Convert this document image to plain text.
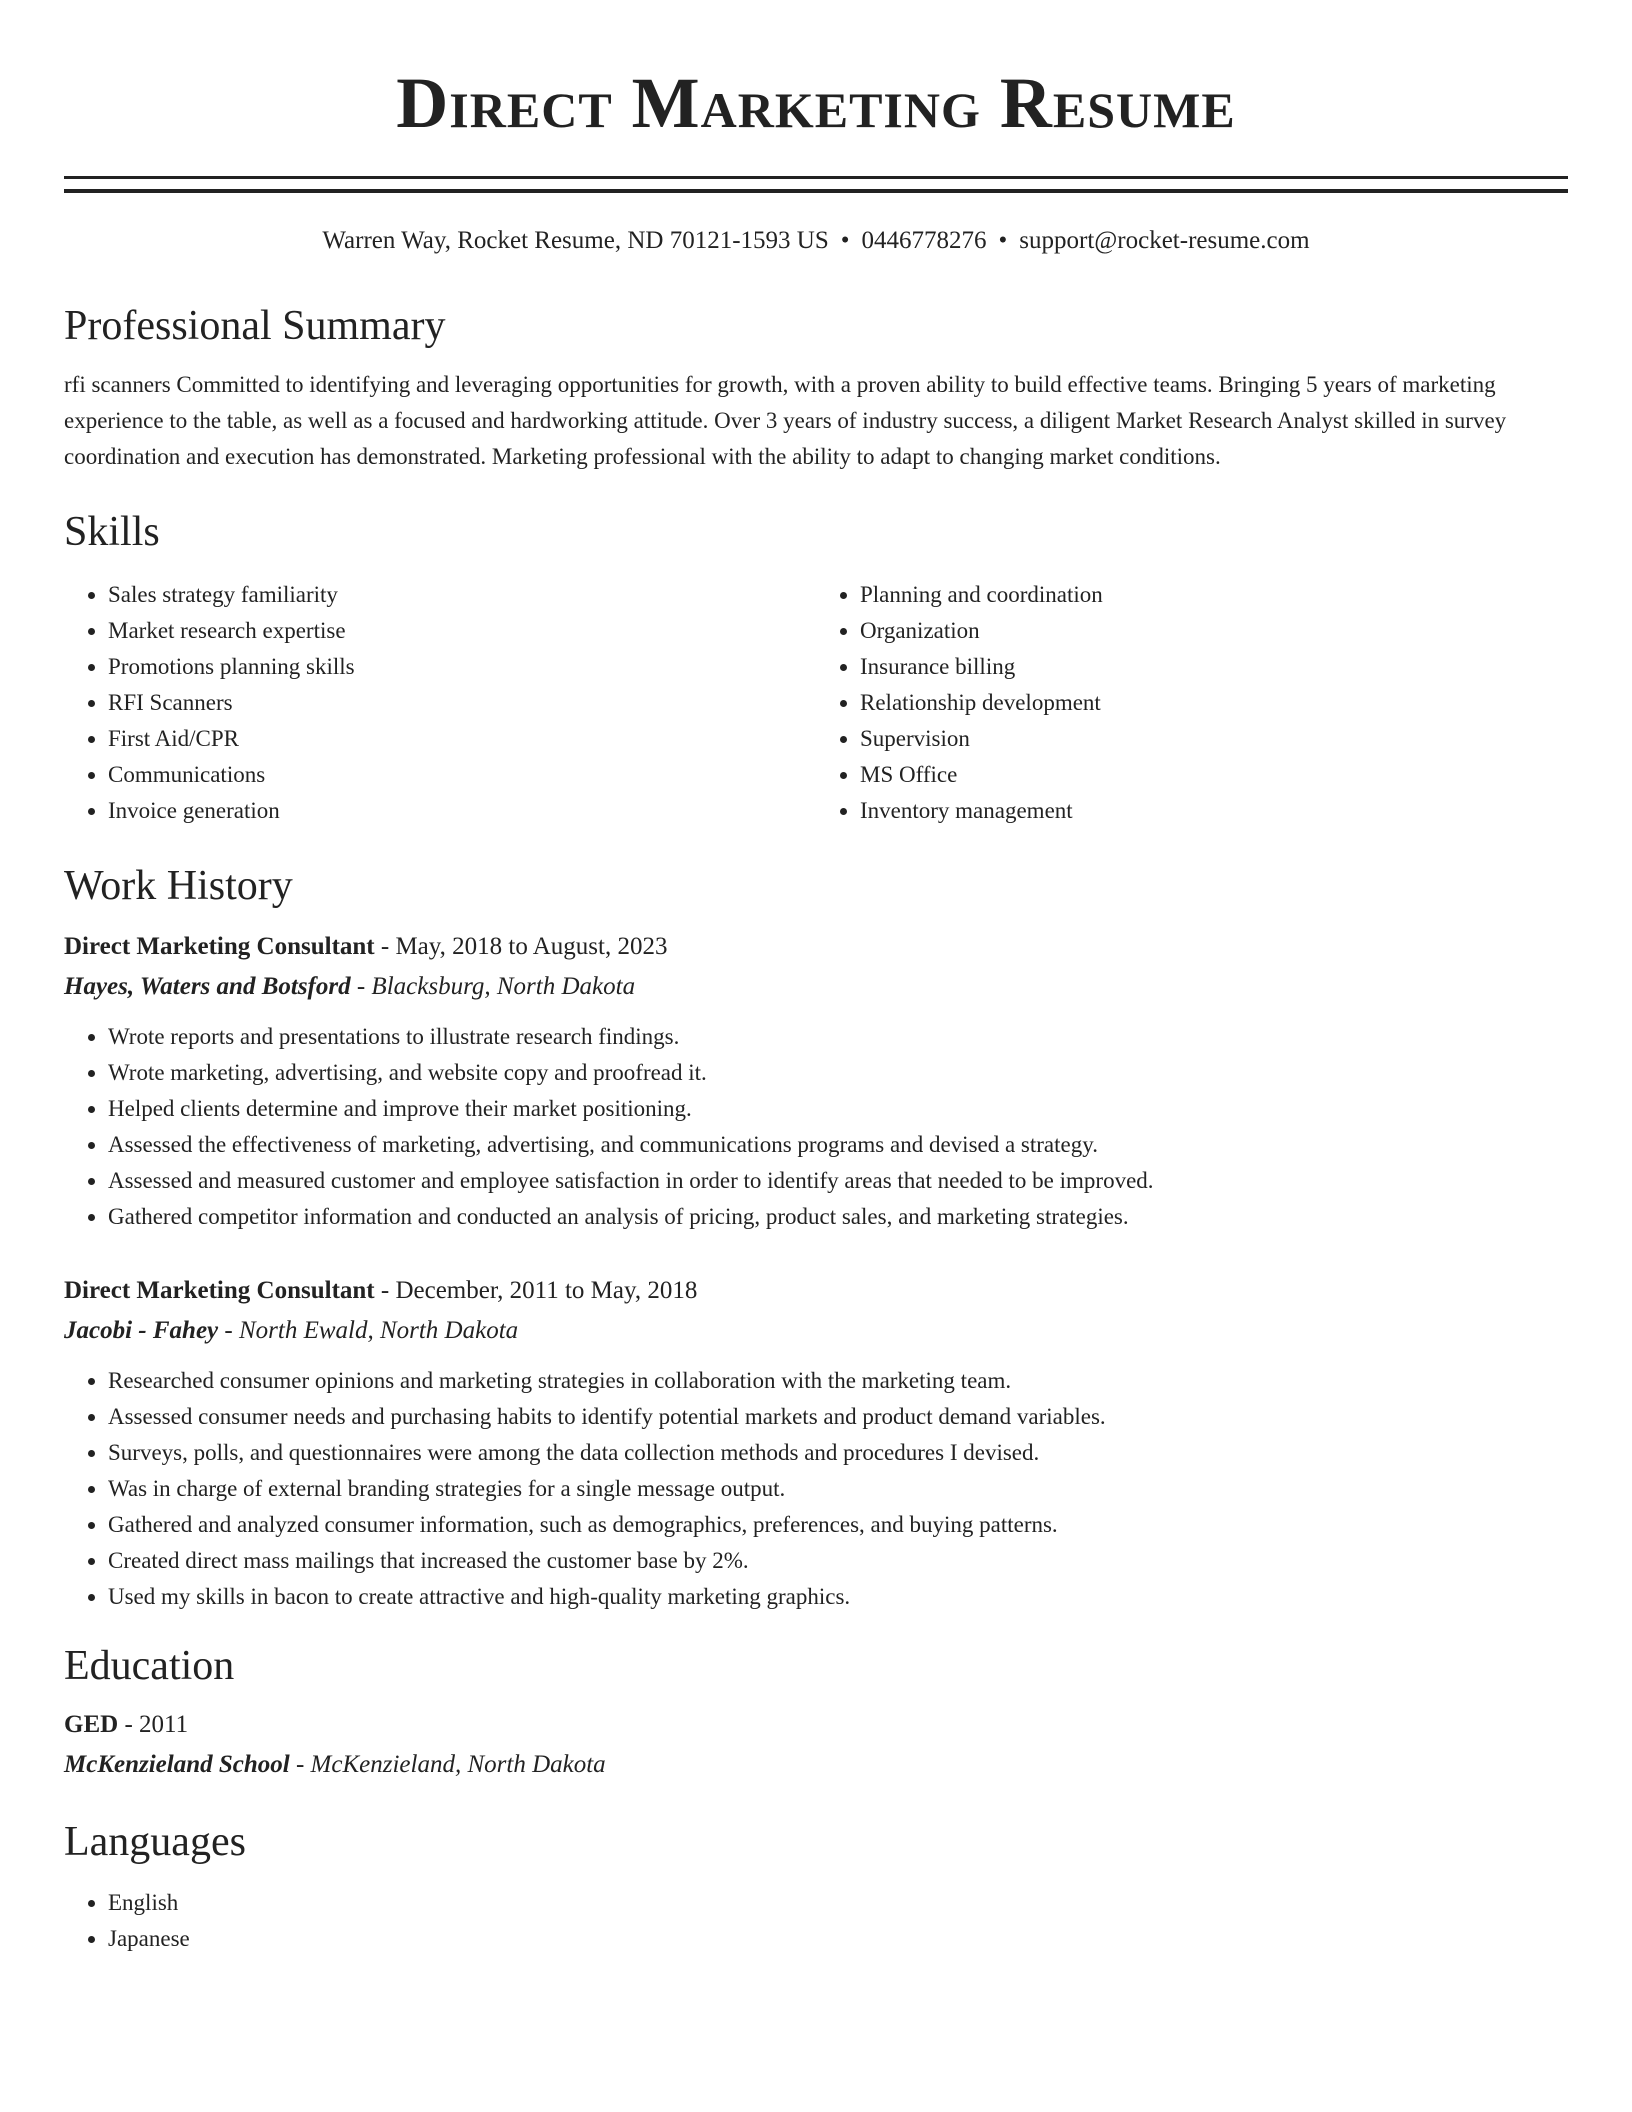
Direct Marketing Resume
Warren Way, Rocket Resume, ND 70121-1593 US • 0446778276 • support@rocket-resume.com
Professional Summary

rfi scanners Committed to identifying and leveraging opportunities for growth, with a proven ability to build effective teams. Bringing 5 years of marketing experience to the table, as well as a focused and hardworking attitude. Over 3 years of industry success, a diligent Market Research Analyst skilled in survey coordination and execution has demonstrated. Marketing professional with the ability to adapt to changing market conditions.

Skills
• Sales strategy familiarity
• Market research expertise
• Promotions planning skills
• RFI Scanners
• First Aid/CPR
• Communications
• Invoice generation
• Planning and coordination
• Organization
• Insurance billing
• Relationship development
• Supervision
• MS Office
• Inventory management
Work History
Direct Marketing Consultant - May, 2018 to August, 2023
Hayes, Waters and Botsford - Blacksburg, North Dakota
• Wrote reports and presentations to illustrate research findings.
• Wrote marketing, advertising, and website copy and proofread it.
• Helped clients determine and improve their market positioning.
• Assessed the effectiveness of marketing, advertising, and communications programs and devised a strategy.
• Assessed and measured customer and employee satisfaction in order to identify areas that needed to be improved.
• Gathered competitor information and conducted an analysis of pricing, product sales, and marketing strategies.
Direct Marketing Consultant - December, 2011 to May, 2018
Jacobi - Fahey - North Ewald, North Dakota
• Researched consumer opinions and marketing strategies in collaboration with the marketing team.
• Assessed consumer needs and purchasing habits to identify potential markets and product demand variables.
• Surveys, polls, and questionnaires were among the data collection methods and procedures I devised.
• Was in charge of external branding strategies for a single message output.
• Gathered and analyzed consumer information, such as demographics, preferences, and buying patterns.
• Created direct mass mailings that increased the customer base by 2%.
• Used my skills in bacon to create attractive and high-quality marketing graphics.
Education
GED - 2011
McKenzieland School - McKenzieland, North Dakota
Languages
• English
• Japanese
